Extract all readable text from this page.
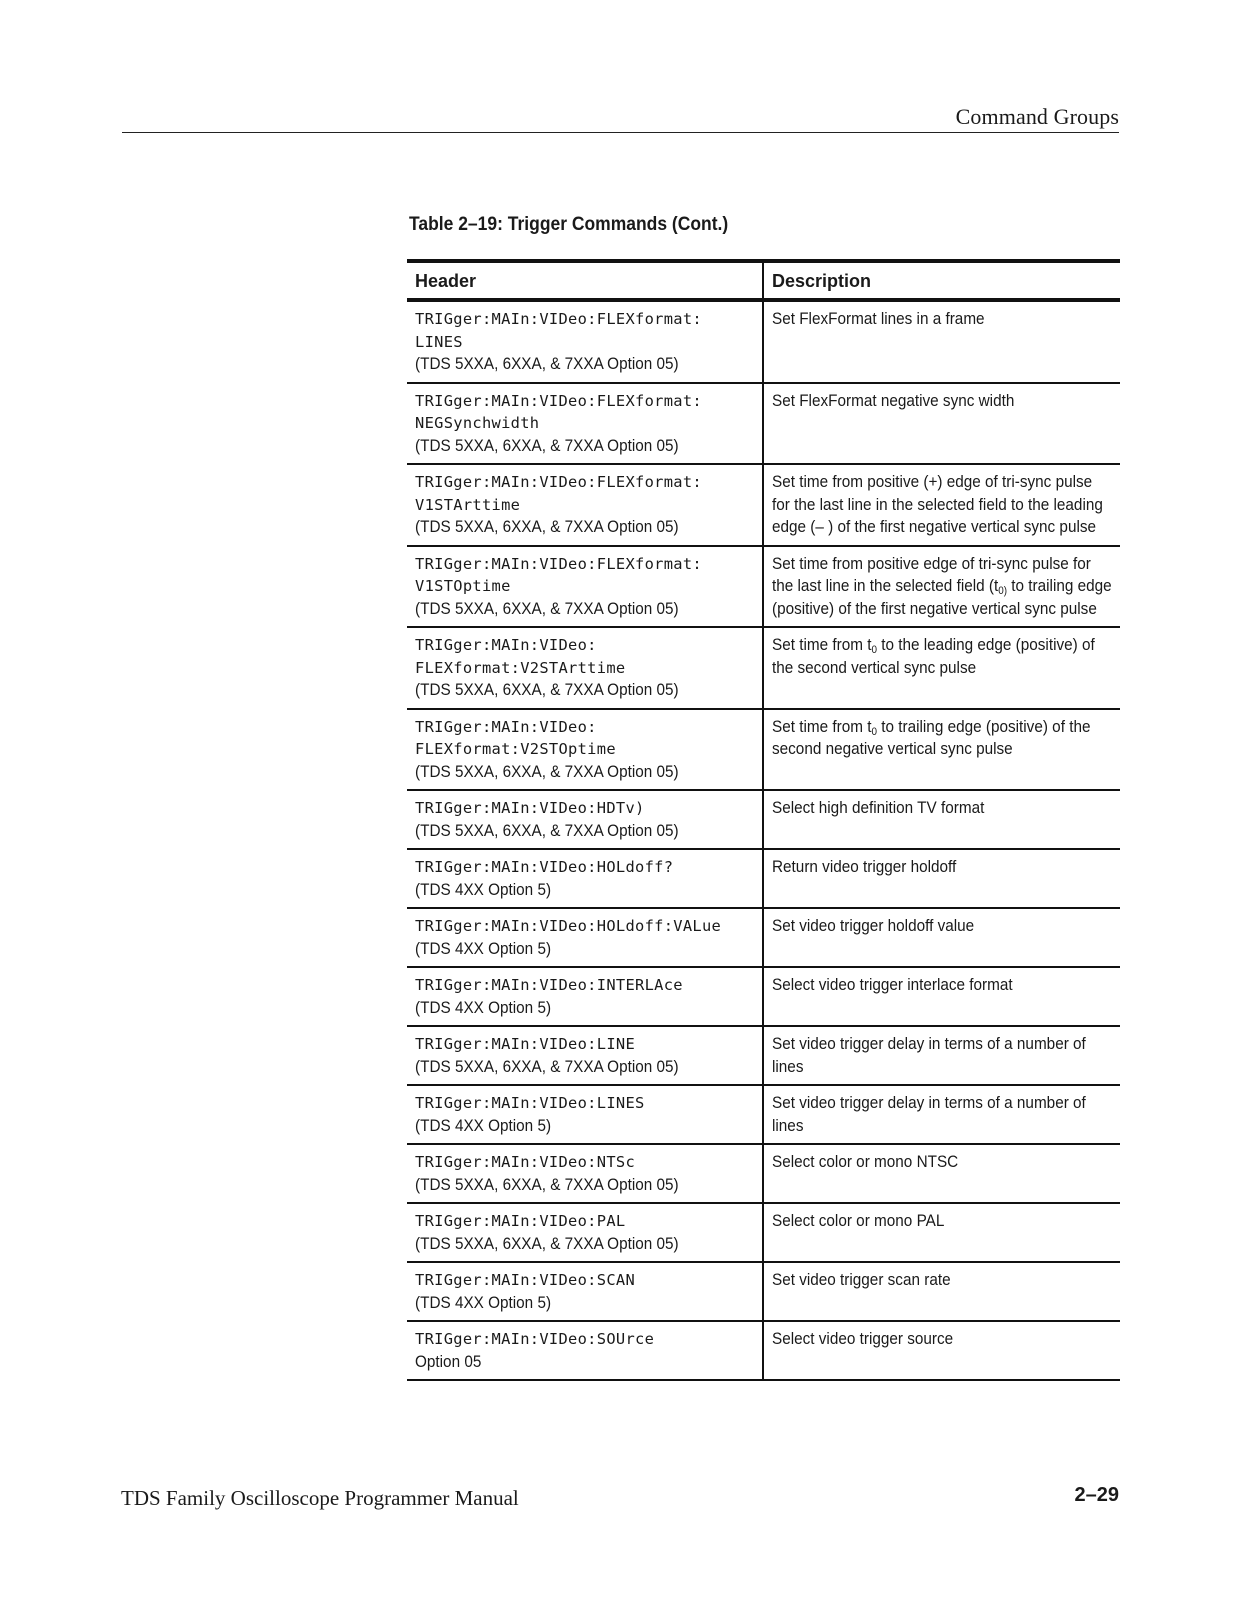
Command Groups
Table 2–19: Trigger Commands (Cont.)
Header	Description

TRIGger:MAIn:VIDeo:FLEXformat:
LINES
(TDS 5XXA, 6XXA, & 7XXA Option 05)	Set FlexFormat lines in a frame

TRIGger:MAIn:VIDeo:FLEXformat:
NEGSynchwidth
(TDS 5XXA, 6XXA, & 7XXA Option 05)	Set FlexFormat negative sync width

TRIGger:MAIn:VIDeo:FLEXformat:
V1STArttime
(TDS 5XXA, 6XXA, & 7XXA Option 05)	Set time from positive (+) edge of tri-sync pulse for the last line in the selected field to the leading edge (– ) of the first negative vertical sync pulse

TRIGger:MAIn:VIDeo:FLEXformat:
V1STOptime
(TDS 5XXA, 6XXA, & 7XXA Option 05)	Set time from positive edge of tri-sync pulse for the last line in the selected field ($t_{0)}$ to trailing edge (positive) of the first negative vertical sync pulse

TRIGger:MAIn:VIDeo:
FLEXformat:V2STArttime
(TDS 5XXA, 6XXA, & 7XXA Option 05)	Set time from $t_0$ to the leading edge (positive) of the second vertical sync pulse

TRIGger:MAIn:VIDeo:
FLEXformat:V2STOptime
(TDS 5XXA, 6XXA, & 7XXA Option 05)	Set time from $t_0$ to trailing edge (positive) of the second negative vertical sync pulse

TRIGger:MAIn:VIDeo:HDTv)
(TDS 5XXA, 6XXA, & 7XXA Option 05)	Select high definition TV format

TRIGger:MAIn:VIDeo:HOLdoff?
(TDS 4XX Option 5)	Return video trigger holdoff

TRIGger:MAIn:VIDeo:HOLdoff:VALue
(TDS 4XX Option 5)	Set video trigger holdoff value

TRIGger:MAIn:VIDeo:INTERLAce
(TDS 4XX Option 5)	Select video trigger interlace format

TRIGger:MAIn:VIDeo:LINE
(TDS 5XXA, 6XXA, & 7XXA Option 05)	Set video trigger delay in terms of a number of lines

TRIGger:MAIn:VIDeo:LINES
(TDS 4XX Option 5)	Set video trigger delay in terms of a number of lines

TRIGger:MAIn:VIDeo:NTSc
(TDS 5XXA, 6XXA, & 7XXA Option 05)	Select color or mono NTSC

TRIGger:MAIn:VIDeo:PAL
(TDS 5XXA, 6XXA, & 7XXA Option 05)	Select color or mono PAL

TRIGger:MAIn:VIDeo:SCAN
(TDS 4XX Option 5)	Set video trigger scan rate

TRIGger:MAIn:VIDeo:SOUrce
Option 05	Select video trigger source
TDS Family Oscilloscope Programmer Manual	2–29
